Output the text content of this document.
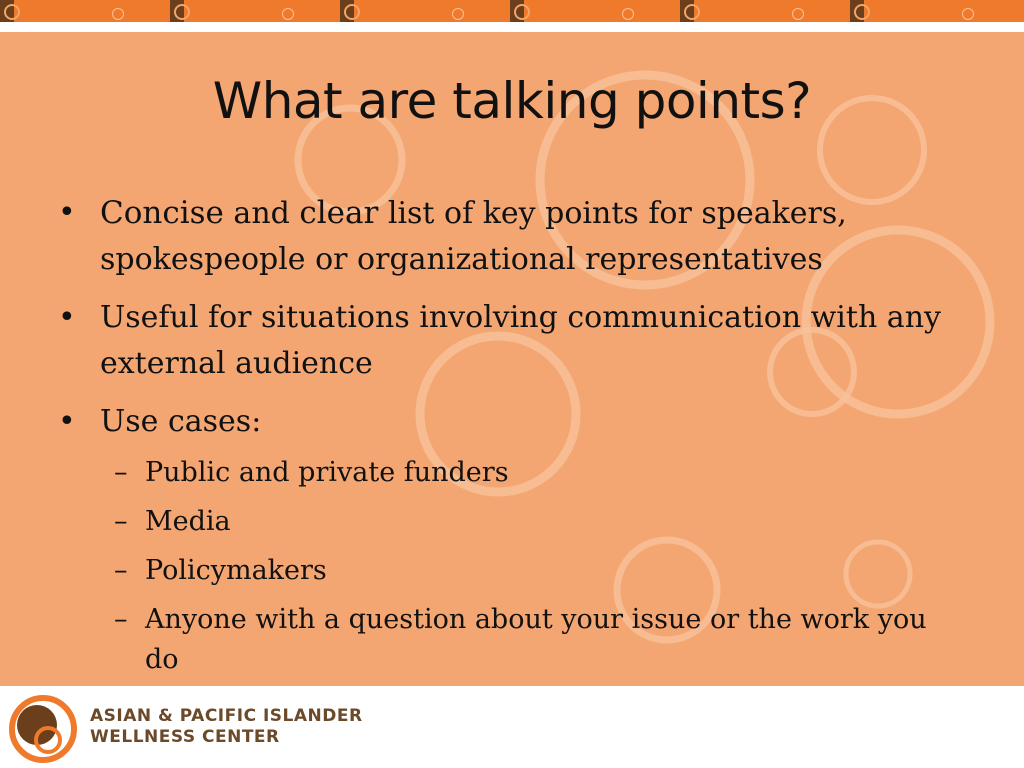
What are talking points?
• Concise and clear list of key points for speakers, spokespeople or organizational representatives
• Useful for situations involving communication with any external audience
• Use cases:
– Public and private funders
– Media
– Policymakers
– Anyone with a question about your issue or the work you do
ASIAN & PACIFIC ISLANDER
WELLNESS CENTER
